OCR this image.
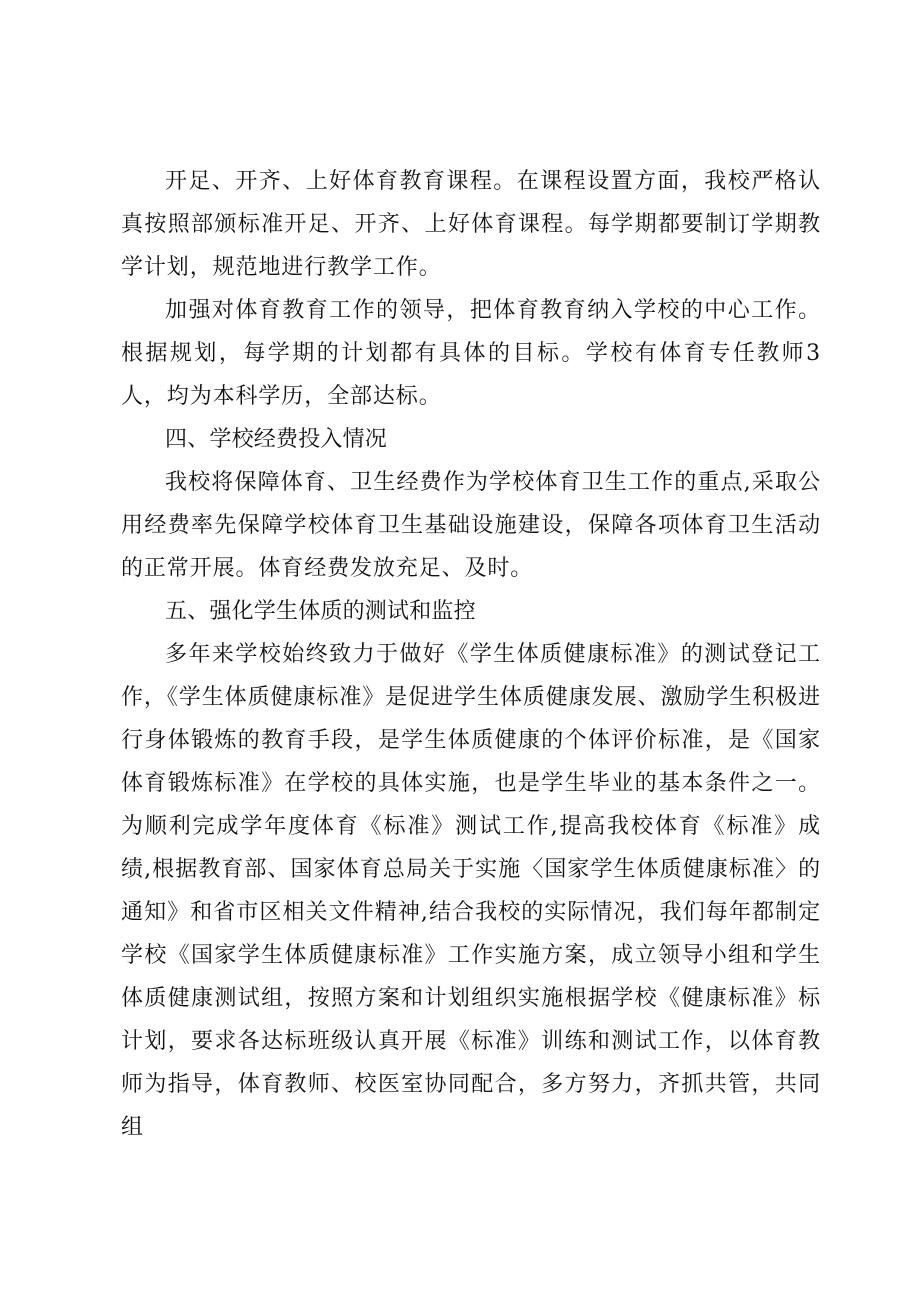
开足、开齐、上好体育教育课程。在课程设置方面，我校严格认真按照部颁标准开足、开齐、上好体育课程。每学期都要制订学期教学计划，规范地进行教学工作。

加强对体育教育工作的领导，把体育教育纳入学校的中心工作。根据规划，每学期的计划都有具体的目标。学校有体育专任教师3人，均为本科学历，全部达标。

四、学校经费投入情况

我校将保障体育、卫生经费作为学校体育卫生工作的重点,采取公用经费率先保障学校体育卫生基础设施建设，保障各项体育卫生活动的正常开展。体育经费发放充足、及时。

五、强化学生体质的测试和监控

多年来学校始终致力于做好《学生体质健康标准》的测试登记工作，《学生体质健康标准》是促进学生体质健康发展、激励学生积极进行身体锻炼的教育手段，是学生体质健康的个体评价标准，是《国家体育锻炼标准》在学校的具体实施，也是学生毕业的基本条件之一。为顺利完成学年度体育《标准》测试工作,提高我校体育《标准》成绩,根据教育部、国家体育总局关于实施〈国家学生体质健康标准〉的通知》和省市区相关文件精神,结合我校的实际情况，我们每年都制定学校《国家学生体质健康标准》工作实施方案，成立领导小组和学生体质健康测试组，按照方案和计划组织实施根据学校《健康标准》标计划，要求各达标班级认真开展《标准》训练和测试工作，以体育教师为指导，体育教师、校医室协同配合，多方努力，齐抓共管，共同组
